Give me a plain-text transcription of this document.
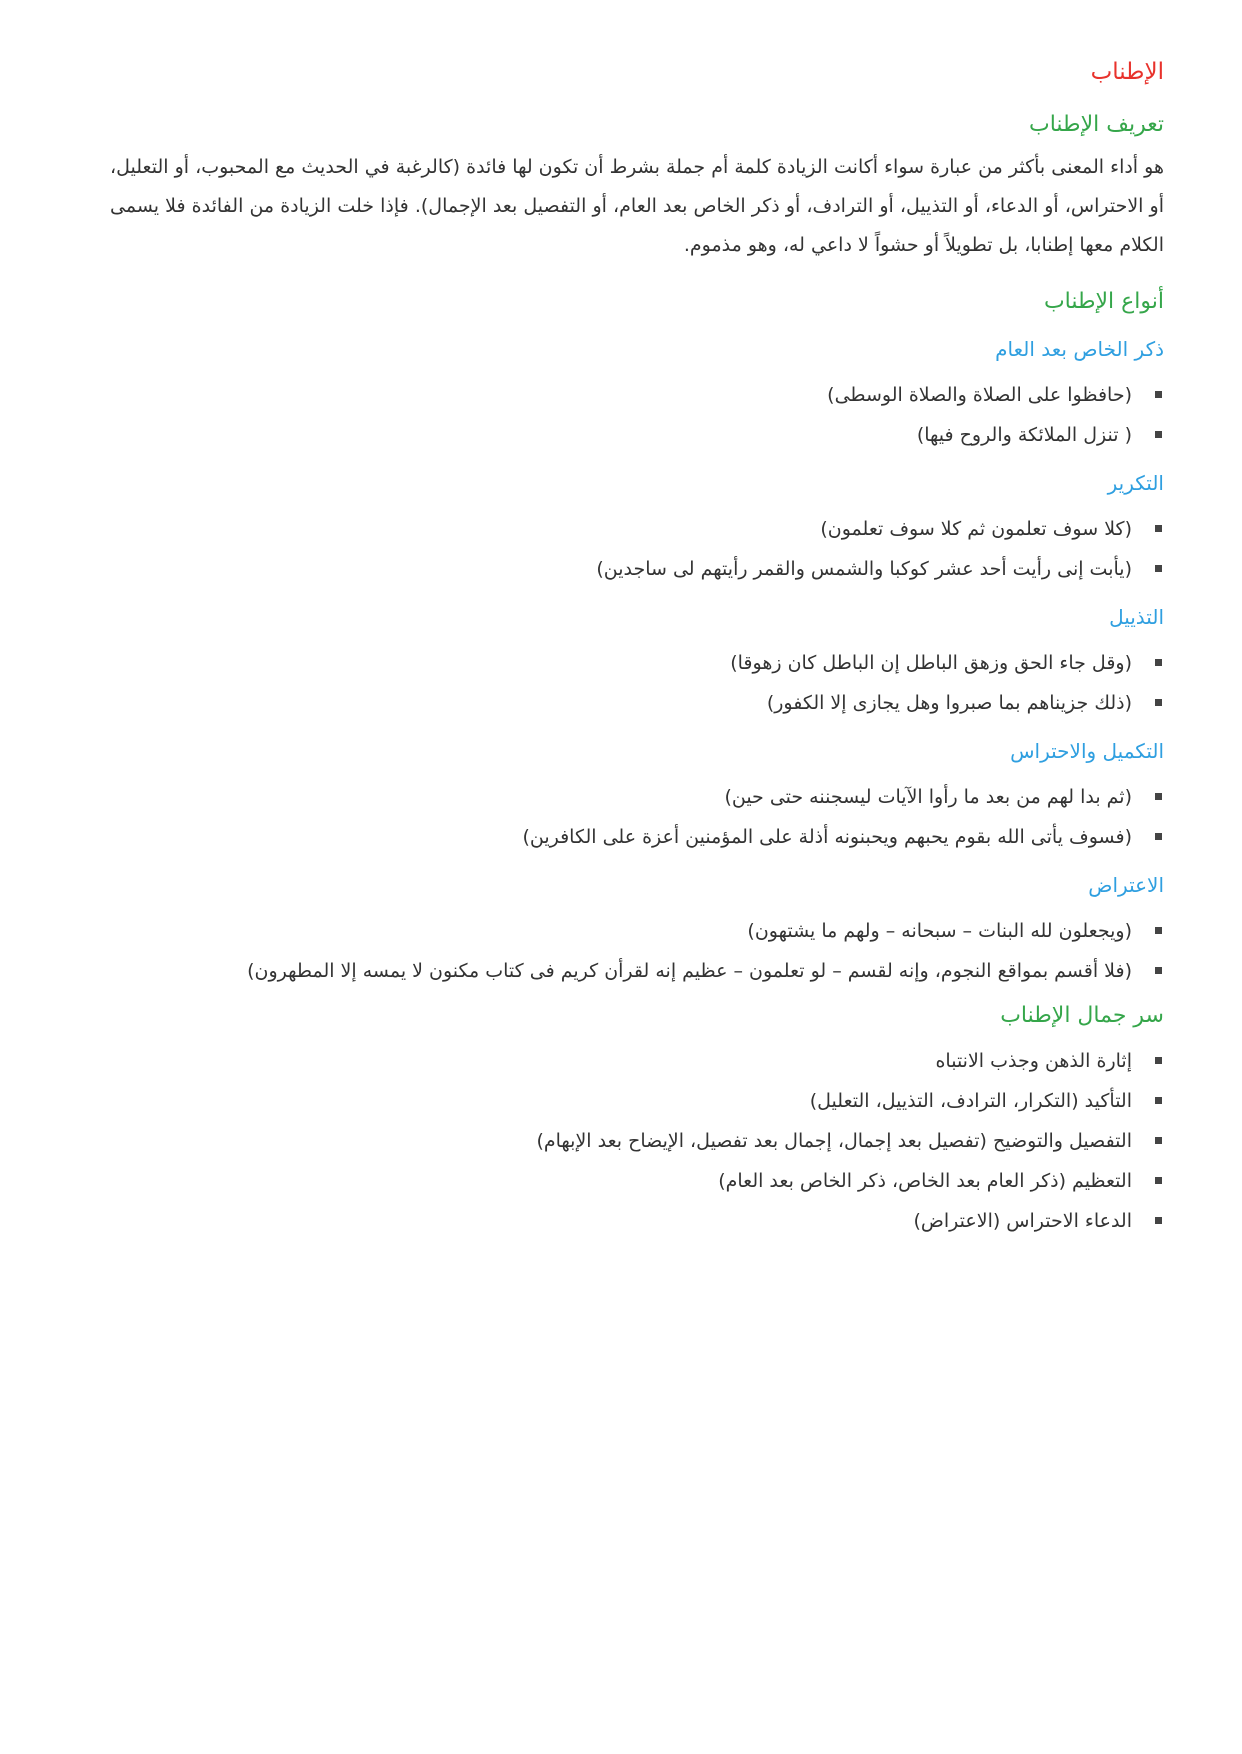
الإطناب
تعريف الإطناب

هو أداء المعنى بأكثر من عبارة سواء أكانت الزيادة كلمة أم جملة بشرط أن تكون لها فائدة (كالرغبة في الحديث مع المحبوب، أو التعليل، أو الاحتراس، أو الدعاء، أو التذييل، أو الترادف، أو ذكر الخاص بعد العام، أو التفصيل بعد الإجمال). فإذا خلت الزيادة من الفائدة فلا يسمى الكلام معها إطنابا، بل تطويلاً أو حشواً لا داعي له، وهو مذموم.

أنواع الإطناب
ذكر الخاص بعد العام
(حافظوا على الصلاة والصلاة الوسطى)
( تنزل الملائكة والروح فيها)
التكرير
(كلا سوف تعلمون ثم كلا سوف تعلمون)
(يأبت إنى رأيت أحد عشر كوكبا والشمس والقمر رأيتهم لى ساجدين)
التذييل
(وقل جاء الحق وزهق الباطل إن الباطل كان زهوقا)
(ذلك جزيناهم بما صبروا وهل يجازى إلا الكفور)
التكميل والاحتراس
(ثم بدا لهم من بعد ما رأوا الآيات ليسجننه حتى حين)
(فسوف يأتى الله بقوم يحبهم ويحبنونه أذلة على المؤمنين أعزة على الكافرين)
الاعتراض
(ويجعلون لله البنات – سبحانه – ولهم ما يشتهون)
(فلا أقسم بمواقع النجوم، وإنه لقسم – لو تعلمون – عظيم إنه لقرأن كريم فى كتاب مكنون لا يمسه إلا المطهرون)
سر جمال الإطناب
إثارة الذهن وجذب الانتباه
التأكيد (التكرار، الترادف، التذييل، التعليل)
التفصيل والتوضيح (تفصيل بعد إجمال، إجمال بعد تفصيل، الإيضاح بعد الإبهام)
التعظيم (ذكر العام بعد الخاص، ذكر الخاص بعد العام)
الدعاء الاحتراس (الاعتراض)
